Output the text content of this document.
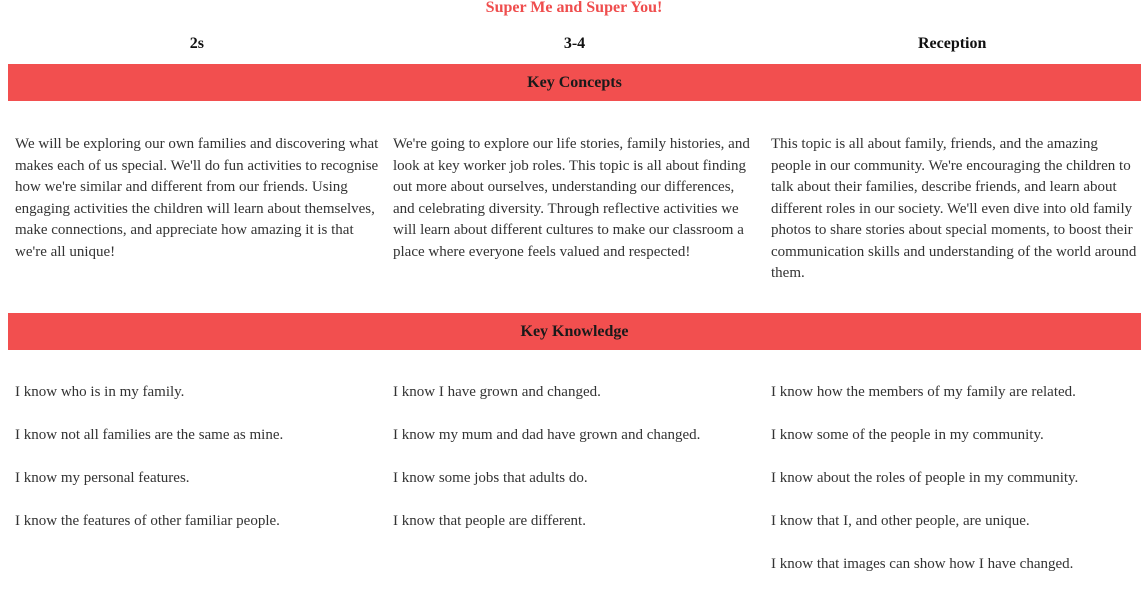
Super Me and Super You!
2s	3-4	Reception
Key Concepts
We will be exploring our own families and discovering what makes each of us special. We'll do fun activities to recognise how we're similar and different from our friends. Using engaging activities the children will learn about themselves, make connections, and appreciate how amazing it is that we're all unique!
We're going to explore our life stories, family histories, and look at key worker job roles. This topic is all about finding out more about ourselves, understanding our differences, and celebrating diversity. Through reflective activities we will learn about different cultures to make our classroom a place where everyone feels valued and respected!
This topic is all about family, friends, and the amazing people in our community. We're encouraging the children to talk about their families, describe friends, and learn about different roles in our society. We'll even dive into old family photos to share stories about special moments, to boost their communication skills and understanding of the world around them.
Key Knowledge
I know who is in my family.
I know not all families are the same as mine.
I know my personal features.
I know the features of other familiar people.
I know I have grown and changed.
I know my mum and dad have grown and changed.
I know some jobs that adults do.
I know that people are different.
I know how the members of my family are related.
I know some of the people in my community.
I know about the roles of people in my community.
I know that I, and other people, are unique.
I know that images can show how I have changed.
